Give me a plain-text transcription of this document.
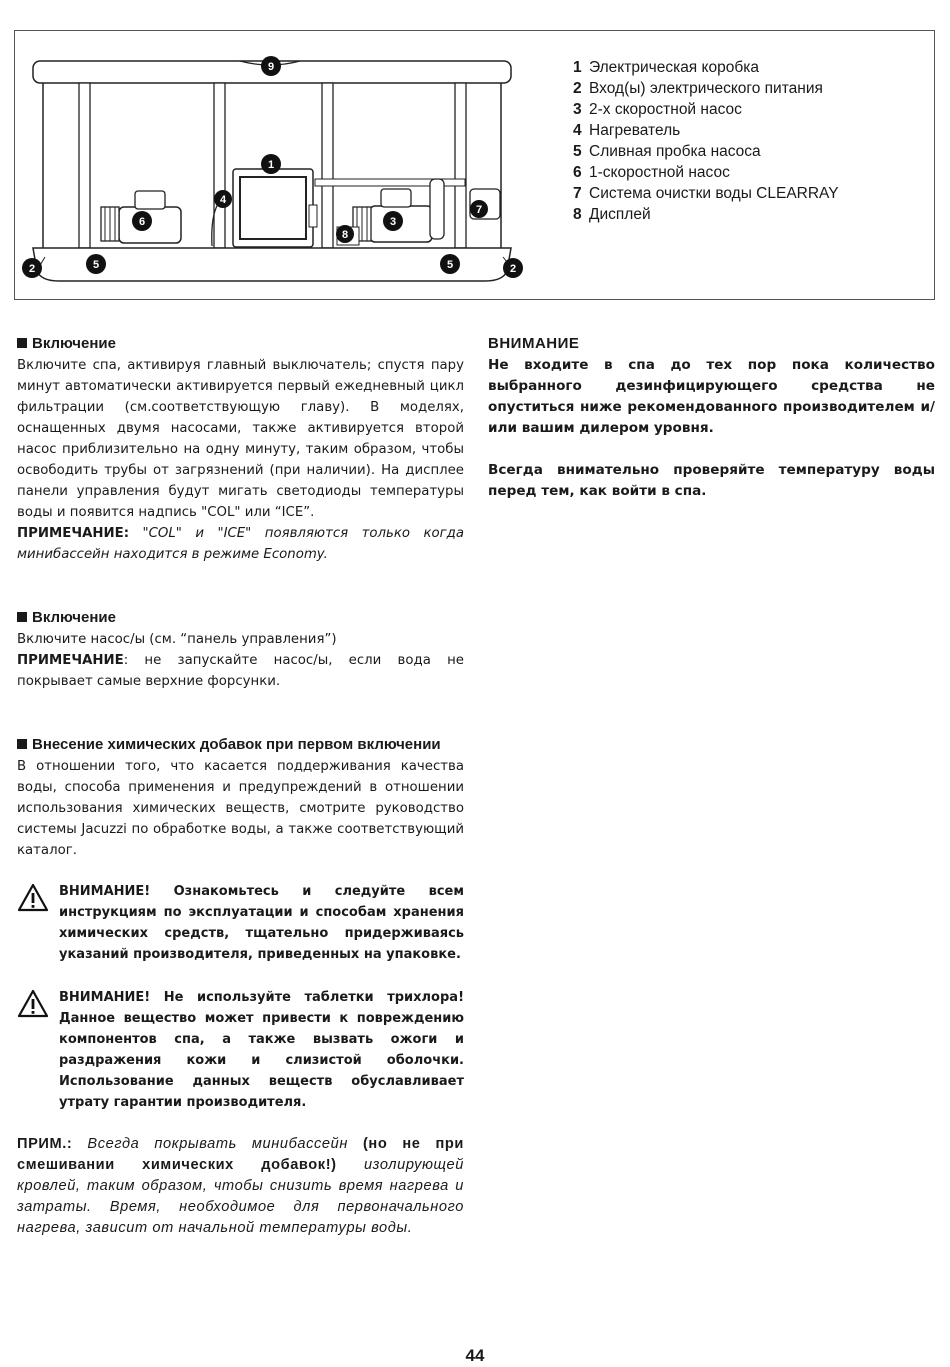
9
1
4
6	3
7
8
5	5
2	2
1 Электрическая коробка
2 Вход(ы) электрического питания
3 2-х скоростной насос
4 Нагреватель
5 Сливная пробка насоса
6 1-скоростной насос
7 Система очистки воды CLEARRAY
8 Дисплей
Включение
Включите спа, активируя главный выключатель; спустя пару минут автоматически активируется первый ежедневный цикл фильтрации (см.соответствующую главу). В моделях, оснащенных двумя насосами, также активируется второй насос приблизительно на одну минуту, таким образом, чтобы освободить трубы от загрязнений (при наличии). На дисплее панели управления будут мигать светодиоды температуры воды и появится надпись "COL" или “ICE”.
ПРИМЕЧАНИЕ: "COL" и "ICE" появляются только когда минибассейн находится в режиме Economy.
Включение
Включите насос/ы (см. “панель управления”)
ПРИМЕЧАНИЕ: не запускайте насос/ы, если вода не покрывает самые верхние форсунки.
Внесение химических добавок при первом включении
В отношении того, что касается поддерживания качества воды, способа применения и предупреждений в отношении использования химических веществ, смотрите руководство системы Jacuzzi по обработке воды, а также соответствующий каталог.
ВНИМАНИЕ! Ознакомьтесь и следуйте всем инструкциям по эксплуатации и способам хранения химических средств, тщательно придерживаясь указаний производителя, приведенных на упаковке.
ВНИМАНИЕ! Не используйте таблетки трихлора! Данное вещество может привести к повреждению компонентов спа, а также вызвать ожоги и раздражения кожи и слизистой оболочки. Использование данных веществ обуславливает утрату гарантии производителя.
ПРИМ.: Всегда покрывать минибассейн (но не при смешивании химических добавок!) изолирующей кровлей, таким образом, чтобы снизить время нагрева и затраты. Время, необходимое для первоначального нагрева, зависит от начальной температуры воды.
ВНИМАНИЕ
Не входите в спа до тех пор пока количество выбранного дезинфицирующего средства не опуститься ниже рекомендованного производителем и/или вашим дилером уровня.
Всегда внимательно проверяйте температуру воды перед тем, как войти в спа.
44
